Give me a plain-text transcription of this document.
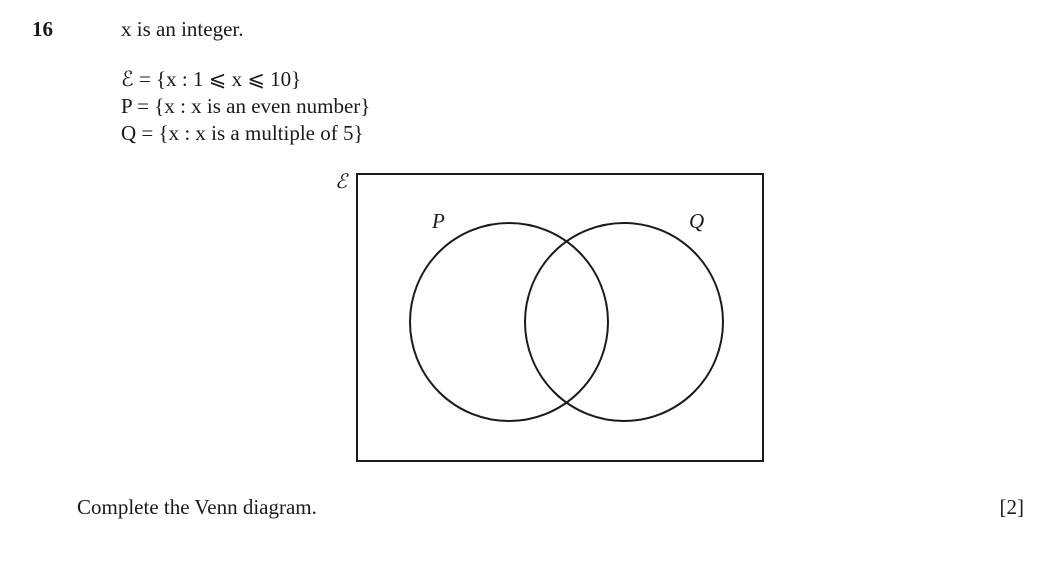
16	x is an integer.
ℰ = {x : 1 ⩽ x ⩽ 10}
P = {x : x is an even number}
Q = {x : x is a multiple of 5}
ℰ
P	Q
Complete the Venn diagram.	[2]
